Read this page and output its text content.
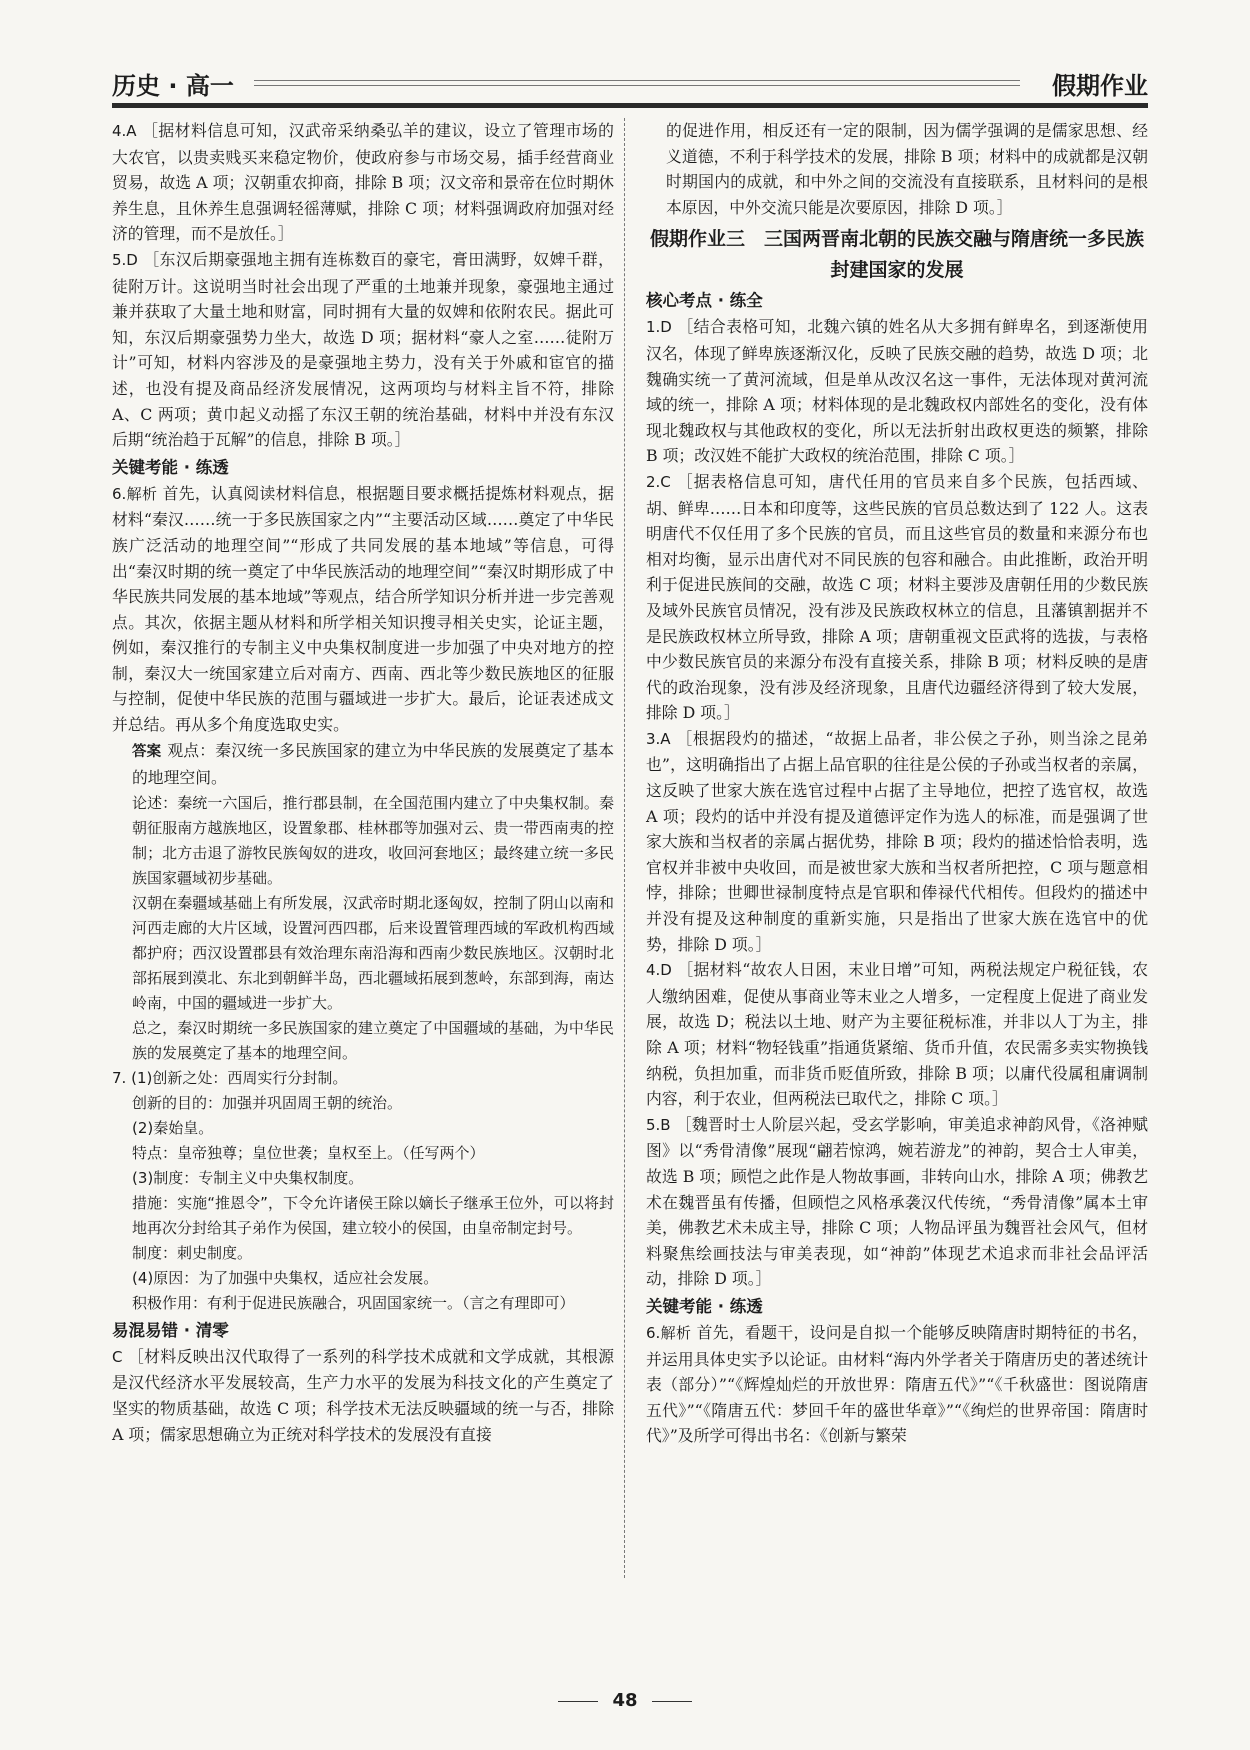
历史 · 高一	假期作业
4.A ［据材料信息可知，汉武帝采纳桑弘羊的建议，设立了管理市场的大农官，以贵卖贱买来稳定物价，使政府参与市场交易，插手经营商业贸易，故选 A 项；汉朝重农抑商，排除 B 项；汉文帝和景帝在位时期休养生息，且休养生息强调轻徭薄赋，排除 C 项；材料强调政府加强对经济的管理，而不是放任。］
5.D ［东汉后期豪强地主拥有连栋数百的豪宅，膏田满野，奴婢千群，徒附万计。这说明当时社会出现了严重的土地兼并现象，豪强地主通过兼并获取了大量土地和财富，同时拥有大量的奴婢和依附农民。据此可知，东汉后期豪强势力坐大，故选 D 项；据材料“豪人之室……徒附万计”可知，材料内容涉及的是豪强地主势力，没有关于外戚和宦官的描述，也没有提及商品经济发展情况，这两项均与材料主旨不符，排除 A、C 两项；黄巾起义动摇了东汉王朝的统治基础，材料中并没有东汉后期“统治趋于瓦解”的信息，排除 B 项。］
关键考能 · 练透
6.解析 首先，认真阅读材料信息，根据题目要求概括提炼材料观点，据材料“秦汉……统一于多民族国家之内”“主要活动区域……奠定了中华民族广泛活动的地理空间”“形成了共同发展的基本地域”等信息，可得出“秦汉时期的统一奠定了中华民族活动的地理空间”“秦汉时期形成了中华民族共同发展的基本地域”等观点，结合所学知识分析并进一步完善观点。其次，依据主题从材料和所学相关知识搜寻相关史实，论证主题，例如，秦汉推行的专制主义中央集权制度进一步加强了中央对地方的控制，秦汉大一统国家建立后对南方、西南、西北等少数民族地区的征服与控制，促使中华民族的范围与疆域进一步扩大。最后，论证表述成文并总结。再从多个角度选取史实。
答案 观点：秦汉统一多民族国家的建立为中华民族的发展奠定了基本的地理空间。
论述：秦统一六国后，推行郡县制，在全国范围内建立了中央集权制。秦朝征服南方越族地区，设置象郡、桂林郡等加强对云、贵一带西南夷的控制；北方击退了游牧民族匈奴的进攻，收回河套地区；最终建立统一多民族国家疆域初步基础。
汉朝在秦疆域基础上有所发展，汉武帝时期北逐匈奴，控制了阴山以南和河西走廊的大片区域，设置河西四郡，后来设置管理西域的军政机构西域都护府；西汉设置郡县有效治理东南沿海和西南少数民族地区。汉朝时北部拓展到漠北、东北到朝鲜半岛，西北疆域拓展到葱岭，东部到海，南达岭南，中国的疆域进一步扩大。
总之，秦汉时期统一多民族国家的建立奠定了中国疆域的基础，为中华民族的发展奠定了基本的地理空间。
7. (1)创新之处：西周实行分封制。
创新的目的：加强并巩固周王朝的统治。
(2)秦始皇。
特点：皇帝独尊；皇位世袭；皇权至上。（任写两个）
(3)制度：专制主义中央集权制度。
措施：实施“推恩令”，下令允许诸侯王除以嫡长子继承王位外，可以将封地再次分封给其子弟作为侯国，建立较小的侯国，由皇帝制定封号。
制度：刺史制度。
(4)原因：为了加强中央集权，适应社会发展。
积极作用：有利于促进民族融合，巩固国家统一。（言之有理即可）
易混易错 · 清零
C ［材料反映出汉代取得了一系列的科学技术成就和文学成就，其根源是汉代经济水平发展较高，生产力水平的发展为科技文化的产生奠定了坚实的物质基础，故选 C 项；科学技术无法反映疆域的统一与否，排除 A 项；儒家思想确立为正统对科学技术的发展没有直接
的促进作用，相反还有一定的限制，因为儒学强调的是儒家思想、经义道德，不利于科学技术的发展，排除 B 项；材料中的成就都是汉朝时期国内的成就，和中外之间的交流没有直接联系，且材料问的是根本原因，中外交流只能是次要原因，排除 D 项。］
假期作业三　三国两晋南北朝的民族交融与隋唐统一多民族封建国家的发展
核心考点 · 练全
1.D ［结合表格可知，北魏六镇的姓名从大多拥有鲜卑名，到逐渐使用汉名，体现了鲜卑族逐渐汉化，反映了民族交融的趋势，故选 D 项；北魏确实统一了黄河流域，但是单从改汉名这一事件，无法体现对黄河流域的统一，排除 A 项；材料体现的是北魏政权内部姓名的变化，没有体现北魏政权与其他政权的变化，所以无法折射出政权更迭的频繁，排除 B 项；改汉姓不能扩大政权的统治范围，排除 C 项。］
2.C ［据表格信息可知，唐代任用的官员来自多个民族，包括西域、胡、鲜卑……日本和印度等，这些民族的官员总数达到了 122 人。这表明唐代不仅任用了多个民族的官员，而且这些官员的数量和来源分布也相对均衡，显示出唐代对不同民族的包容和融合。由此推断，政治开明利于促进民族间的交融，故选 C 项；材料主要涉及唐朝任用的少数民族及域外民族官员情况，没有涉及民族政权林立的信息，且藩镇割据并不是民族政权林立所导致，排除 A 项；唐朝重视文臣武将的选拔，与表格中少数民族官员的来源分布没有直接关系，排除 B 项；材料反映的是唐代的政治现象，没有涉及经济现象，且唐代边疆经济得到了较大发展，排除 D 项。］
3.A ［根据段灼的描述，“故据上品者，非公侯之子孙，则当涂之昆弟也”，这明确指出了占据上品官职的往往是公侯的子孙或当权者的亲属，这反映了世家大族在选官过程中占据了主导地位，把控了选官权，故选 A 项；段灼的话中并没有提及道德评定作为选人的标准，而是强调了世家大族和当权者的亲属占据优势，排除 B 项；段灼的描述恰恰表明，选官权并非被中央收回，而是被世家大族和当权者所把控，C 项与题意相悖，排除；世卿世禄制度特点是官职和俸禄代代相传。但段灼的描述中并没有提及这种制度的重新实施，只是指出了世家大族在选官中的优势，排除 D 项。］
4.D ［据材料“故农人日困，末业日增”可知，两税法规定户税征钱，农人缴纳困难，促使从事商业等末业之人增多，一定程度上促进了商业发展，故选 D；税法以土地、财产为主要征税标准，并非以人丁为主，排除 A 项；材料“物轻钱重”指通货紧缩、货币升值，农民需多卖实物换钱纳税，负担加重，而非货币贬值所致，排除 B 项；以庸代役属租庸调制内容，利于农业，但两税法已取代之，排除 C 项。］
5.B ［魏晋时士人阶层兴起，受玄学影响，审美追求神韵风骨，《洛神赋图》以“秀骨清像”展现“翩若惊鸿，婉若游龙”的神韵，契合士人审美，故选 B 项；顾恺之此作是人物故事画，非转向山水，排除 A 项；佛教艺术在魏晋虽有传播，但顾恺之风格承袭汉代传统，“秀骨清像”属本土审美，佛教艺术未成主导，排除 C 项；人物品评虽为魏晋社会风气，但材料聚焦绘画技法与审美表现，如“神韵”体现艺术追求而非社会品评活动，排除 D 项。］
关键考能 · 练透
6.解析 首先，看题干，设问是自拟一个能够反映隋唐时期特征的书名，并运用具体史实予以论证。由材料“海内外学者关于隋唐历史的著述统计表（部分）”“《辉煌灿烂的开放世界：隋唐五代》”“《千秋盛世：图说隋唐五代》”“《隋唐五代：梦回千年的盛世华章》”“《绚烂的世界帝国：隋唐时代》”及所学可得出书名：《创新与繁荣
48
